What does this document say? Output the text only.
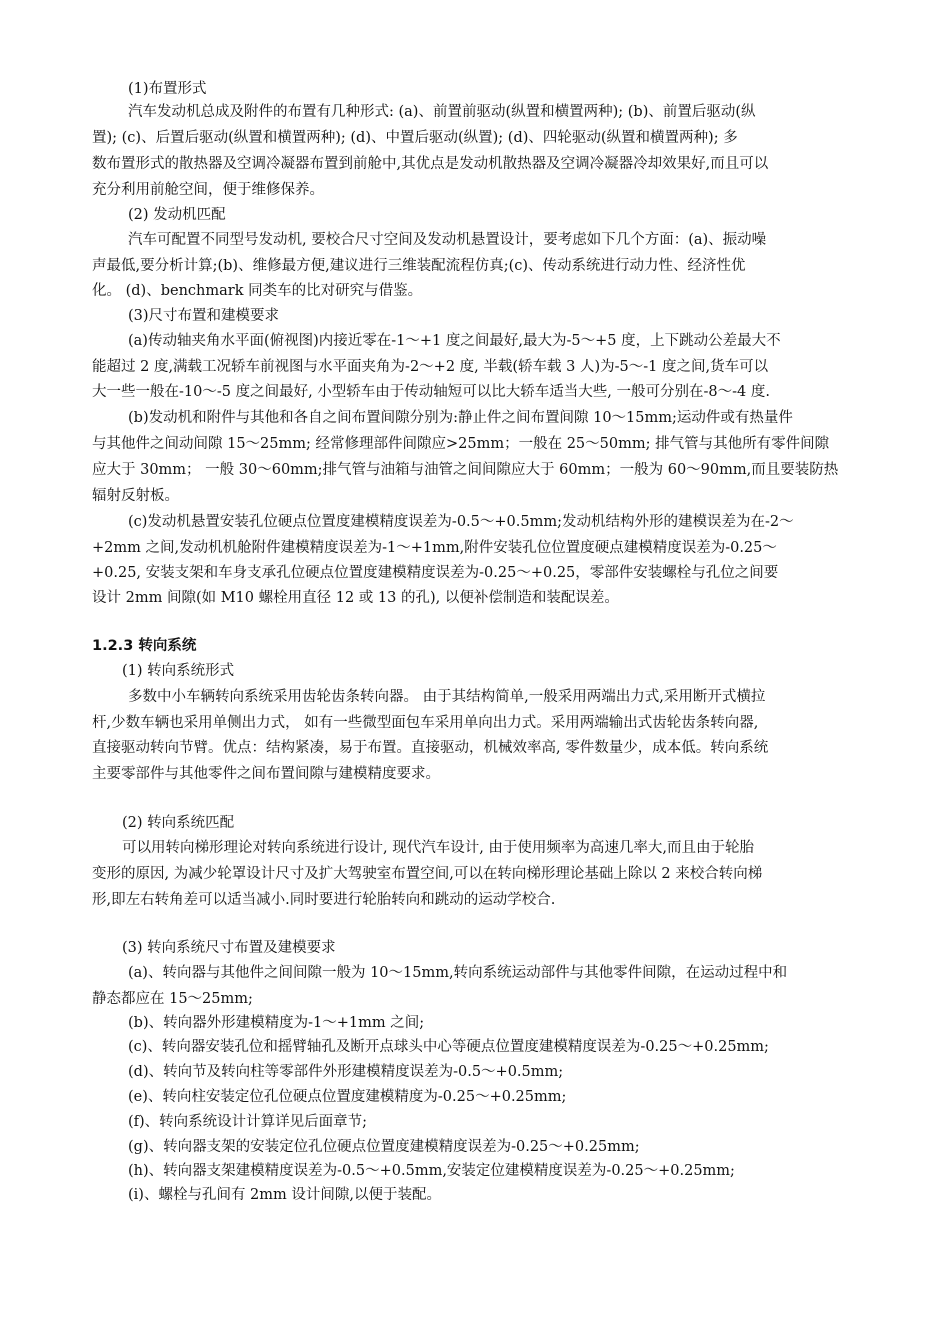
(1)布置形式
汽车发动机总成及附件的布置有几种形式: (a)、前置前驱动(纵置和横置两种); (b)、前置后驱动(纵
置); (c)、后置后驱动(纵置和横置两种); (d)、中置后驱动(纵置); (d)、四轮驱动(纵置和横置两种); 多
数布置形式的散热器及空调冷凝器布置到前舱中,其优点是发动机散热器及空调冷凝器冷却效果好,而且可以
充分利用前舱空间，便于维修保养。
(2) 发动机匹配
汽车可配置不同型号发动机, 要校合尺寸空间及发动机悬置设计，要考虑如下几个方面：(a)、振动噪
声最低,要分析计算;(b)、维修最方便,建议进行三维装配流程仿真;(c)、传动系统进行动力性、经济性优
化。 (d)、benchmark 同类车的比对研究与借鉴。
(3)尺寸布置和建模要求
(a)传动轴夹角水平面(俯视图)内接近零在-1～+1 度之间最好,最大为-5～+5 度，上下跳动公差最大不
能超过 2 度,满载工况轿车前视图与水平面夹角为-2～+2 度, 半载(轿车载 3 人)为-5～-1 度之间,货车可以
大一些一般在-10～-5 度之间最好, 小型轿车由于传动轴短可以比大轿车适当大些, 一般可分别在-8～-4 度.
(b)发动机和附件与其他和各自之间布置间隙分别为:静止件之间布置间隙 10～15mm;运动件或有热量件
与其他件之间动间隙 15～25mm; 经常修理部件间隙应>25mm；一般在 25～50mm; 排气管与其他所有零件间隙
应大于 30mm； 一般 30～60mm;排气管与油箱与油管之间间隙应大于 60mm；一般为 60～90mm,而且要装防热
辐射反射板。
(c)发动机悬置安装孔位硬点位置度建模精度误差为-0.5～+0.5mm;发动机结构外形的建模误差为在-2～
+2mm 之间,发动机机舱附件建模精度误差为-1～+1mm,附件安装孔位位置度硬点建模精度误差为-0.25～
+0.25, 安装支架和车身支承孔位硬点位置度建模精度误差为-0.25～+0.25，零部件安装螺栓与孔位之间要
设计 2mm 间隙(如 M10 螺栓用直径 12 或 13 的孔), 以便补偿制造和装配误差。
1.2.3 转向系统
(1) 转向系统形式
多数中小车辆转向系统采用齿轮齿条转向器。 由于其结构简单,一般采用两端出力式,采用断开式横拉
杆,少数车辆也采用单侧出力式， 如有一些微型面包车采用单向出力式。采用两端输出式齿轮齿条转向器,
直接驱动转向节臂。优点：结构紧凑，易于布置。直接驱动，机械效率高, 零件数量少，成本低。转向系统
主要零部件与其他零件之间布置间隙与建模精度要求。
(2) 转向系统匹配
可以用转向梯形理论对转向系统进行设计, 现代汽车设计, 由于使用频率为高速几率大,而且由于轮胎
变形的原因, 为减少轮罩设计尺寸及扩大驾驶室布置空间,可以在转向梯形理论基础上除以 2 来校合转向梯
形,即左右转角差可以适当减小.同时要进行轮胎转向和跳动的运动学校合.
(3) 转向系统尺寸布置及建模要求
(a)、转向器与其他件之间间隙一般为 10～15mm,转向系统运动部件与其他零件间隙，在运动过程中和
静态都应在 15～25mm;
(b)、转向器外形建模精度为-1～+1mm 之间;
(c)、转向器安装孔位和摇臂轴孔及断开点球头中心等硬点位置度建模精度误差为-0.25～+0.25mm;
(d)、转向节及转向柱等零部件外形建模精度误差为-0.5～+0.5mm;
(e)、转向柱安装定位孔位硬点位置度建模精度为-0.25～+0.25mm;
(f)、转向系统设计计算详见后面章节;
(g)、转向器支架的安装定位孔位硬点位置度建模精度误差为-0.25～+0.25mm;
(h)、转向器支架建模精度误差为-0.5～+0.5mm,安装定位建模精度误差为-0.25～+0.25mm;
(i)、螺栓与孔间有 2mm 设计间隙,以便于装配。
